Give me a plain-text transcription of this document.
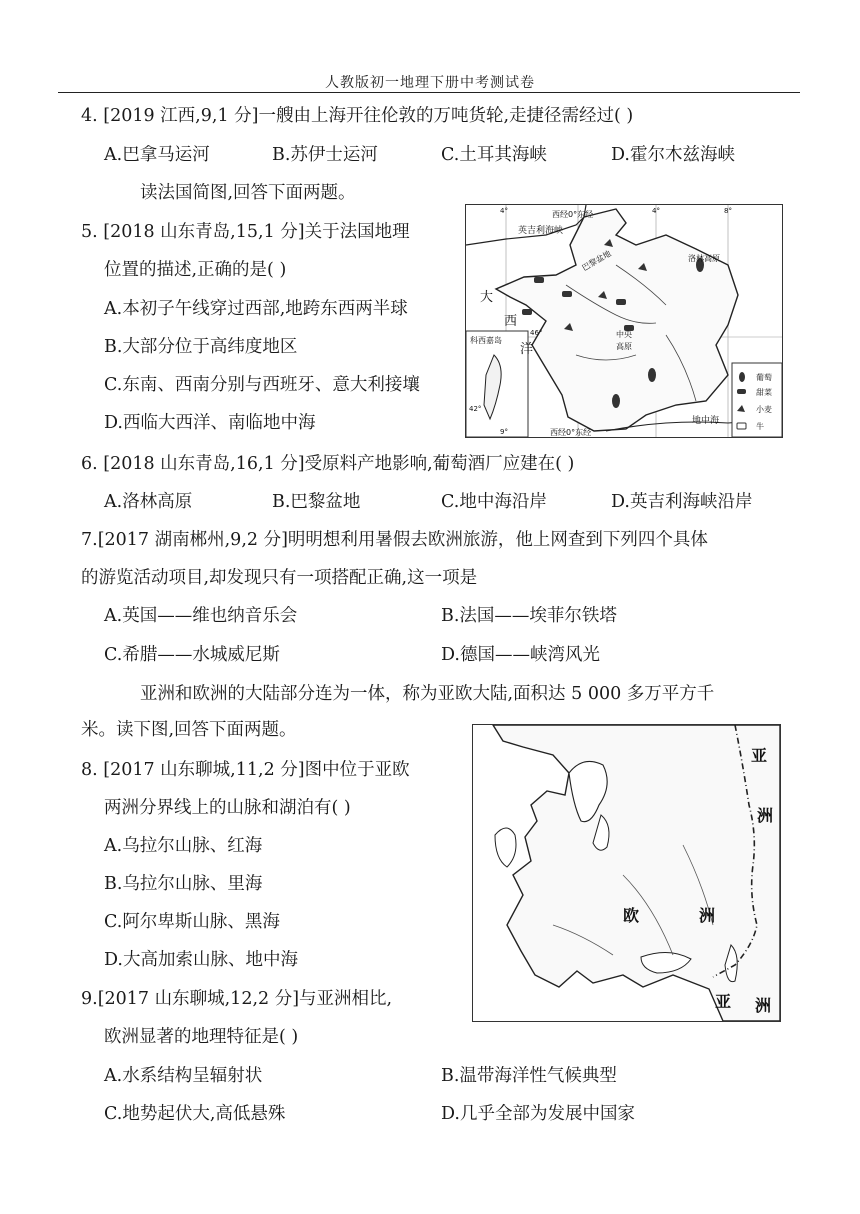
人教版初一地理下册中考测试卷
4. [2019 江西,9,1 分]一艘由上海开往伦敦的万吨货轮,走捷径需经过( )
A.巴拿马运河	B.苏伊士运河	C.土耳其海峡	D.霍尔木兹海峡
读法国简图,回答下面两题。
5. [2018 山东青岛,15,1 分]关于法国地理
位置的描述,正确的是( )
A.本初子午线穿过西部,地跨东西两半球
B.大部分位于高纬度地区
C.东南、西南分别与西班牙、意大利接壤
D.西临大西洋、南临地中海
葡萄
甜菜
小麦
牛
西经0°东经
英吉利海峡
巴黎盆地	洛林高原
大
西
洋
中央
高原
科西嘉岛
地中海
西经0°东经
4°	4°	8°
46°
42°
9°
6. [2018 山东青岛,16,1 分]受原料产地影响,葡萄酒厂应建在( )
A.洛林高原	B.巴黎盆地	C.地中海沿岸	D.英吉利海峡沿岸
7.[2017 湖南郴州,9,2 分]明明想利用暑假去欧洲旅游，他上网查到下列四个具体
的游览活动项目,却发现只有一项搭配正确,这一项是
A.英国——维也纳音乐会	B.法国——埃菲尔铁塔
C.希腊——水城威尼斯	D.德国——峡湾风光
亚洲和欧洲的大陆部分连为一体，称为亚欧大陆,面积达 5 000 多万平方千
米。读下图,回答下面两题。
8. [2017 山东聊城,11,2 分]图中位于亚欧
两洲分界线上的山脉和湖泊有( )
A.乌拉尔山脉、红海
B.乌拉尔山脉、里海
C.阿尔卑斯山脉、黑海
D.大高加索山脉、地中海
亚
洲
欧	洲
亚 洲
9.[2017 山东聊城,12,2 分]与亚洲相比,
欧洲显著的地理特征是( )
A.水系结构呈辐射状	B.温带海洋性气候典型
C.地势起伏大,高低悬殊	D.几乎全部为发展中国家
